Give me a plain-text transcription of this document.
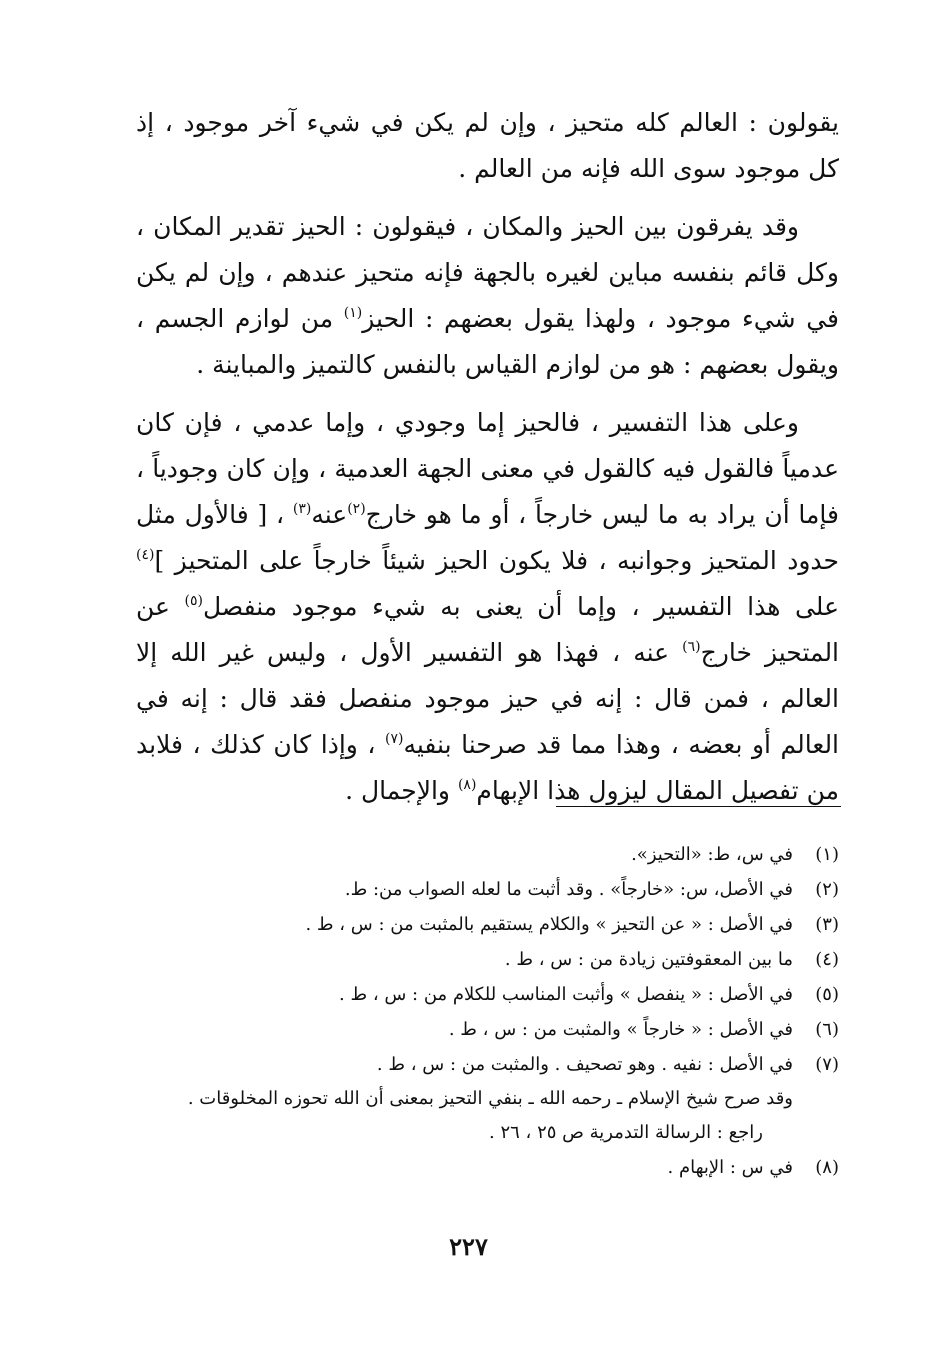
يقولون : العالم كله متحيز ، وإن لم يكن في شيء آخر موجود ، إذ كل موجود سوى الله فإنه من العالم .

وقد يفرقون بين الحيز والمكان ، فيقولون : الحيز تقدير المكان ، وكل قائم بنفسه مباين لغيره بالجهة فإنه متحيز عندهم ، وإن لم يكن في شيء موجود ، ولهذا يقول بعضهم : الحيز$^{(١)}$ من لوازم الجسم ، ويقول بعضهم : هو من لوازم القياس بالنفس كالتميز والمباينة .

وعلى هذا التفسير ، فالحيز إما وجودي ، وإما عدمي ، فإن كان عدمياً فالقول فيه كالقول في معنى الجهة العدمية ، وإن كان وجودياً ، فإما أن يراد به ما ليس خارجاً ، أو ما هو خارج$^{(٢)}$عنه$^{(٣)}$ ، [ فالأول مثل حدود المتحيز وجوانبه ، فلا يكون الحيز شيئاً خارجاً على المتحيز ]$^{(٤)}$ على هذا التفسير ، وإما أن يعنى به شيء موجود منفصل$^{(٥)}$ عن المتحيز خارج$^{(٦)}$ عنه ، فهذا هو التفسير الأول ، وليس غير الله إلا العالم ، فمن قال : إنه في حيز موجود منفصل فقد قال : إنه في العالم أو بعضه ، وهذا مما قد صرحنا بنفيه$^{(٧)}$ ، وإذا كان كذلك ، فلابد من تفصيل المقال ليزول هذا الإبهام$^{(٨)}$ والإجمال .

(١)
في س، ط: «التحيز».
(٢)
في الأصل، س: «خارجاً» . وقد أثبت ما لعله الصواب من: ط.
(٣)
في الأصل : « عن التحيز » والكلام يستقيم بالمثبت من : س ، ط .
(٤)
ما بين المعقوفتين زيادة من : س ، ط .
(٥)
في الأصل : « ينفصل » وأثبت المناسب للكلام من : س ، ط .
(٦)
في الأصل : « خارجاً » والمثبت من : س ، ط .
(٧)
في الأصل : نفيه . وهو تصحيف . والمثبت من : س ، ط .
وقد صرح شيخ الإسلام ـ رحمه الله ـ بنفي التحيز بمعنى أن الله تحوزه المخلوقات .
راجع : الرسالة التدمرية ص ٢٥ ، ٢٦ .
(٨)
في س : الإبهام .
٢٢٧
